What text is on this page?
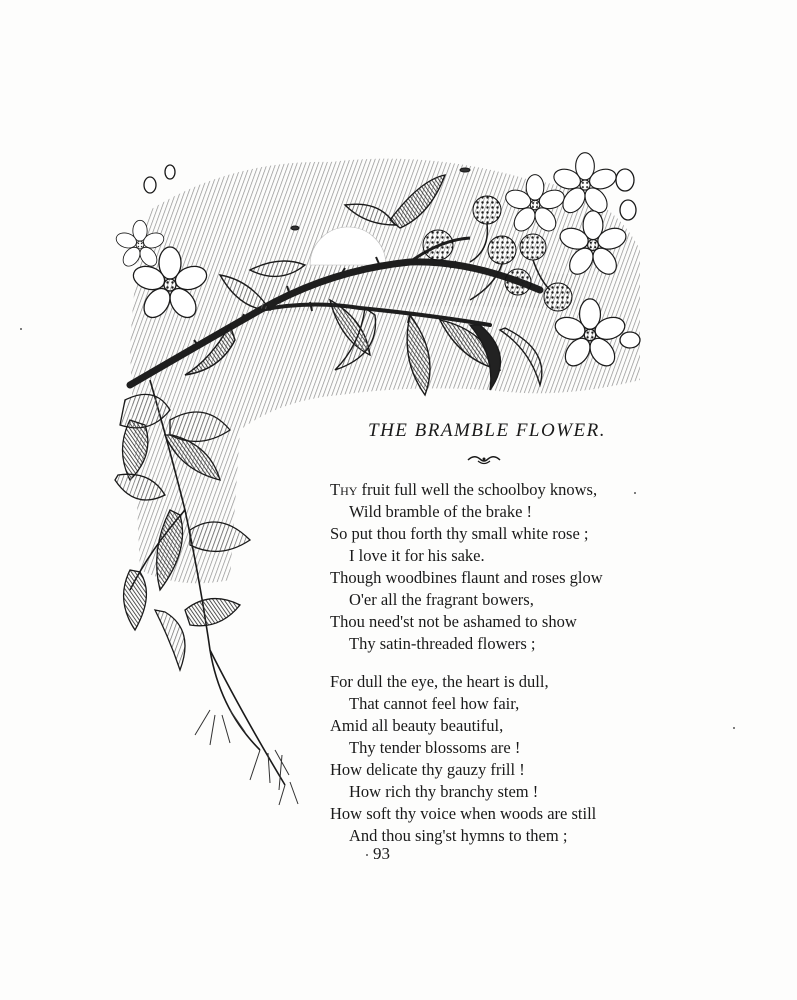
THE BRAMBLE FLOWER.
Thy fruit full well the schoolboy knows,
Wild bramble of the brake !
So put thou forth thy small white rose ;
I love it for his sake.
Though woodbines flaunt and roses glow
O'er all the fragrant bowers,
Thou need'st not be ashamed to show
Thy satin-threaded flowers ;
For dull the eye, the heart is dull,
That cannot feel how fair,
Amid all beauty beautiful,
Thy tender blossoms are !
How delicate thy gauzy frill !
How rich thy branchy stem !
How soft thy voice when woods are still
And thou sing'st hymns to them ;
93
